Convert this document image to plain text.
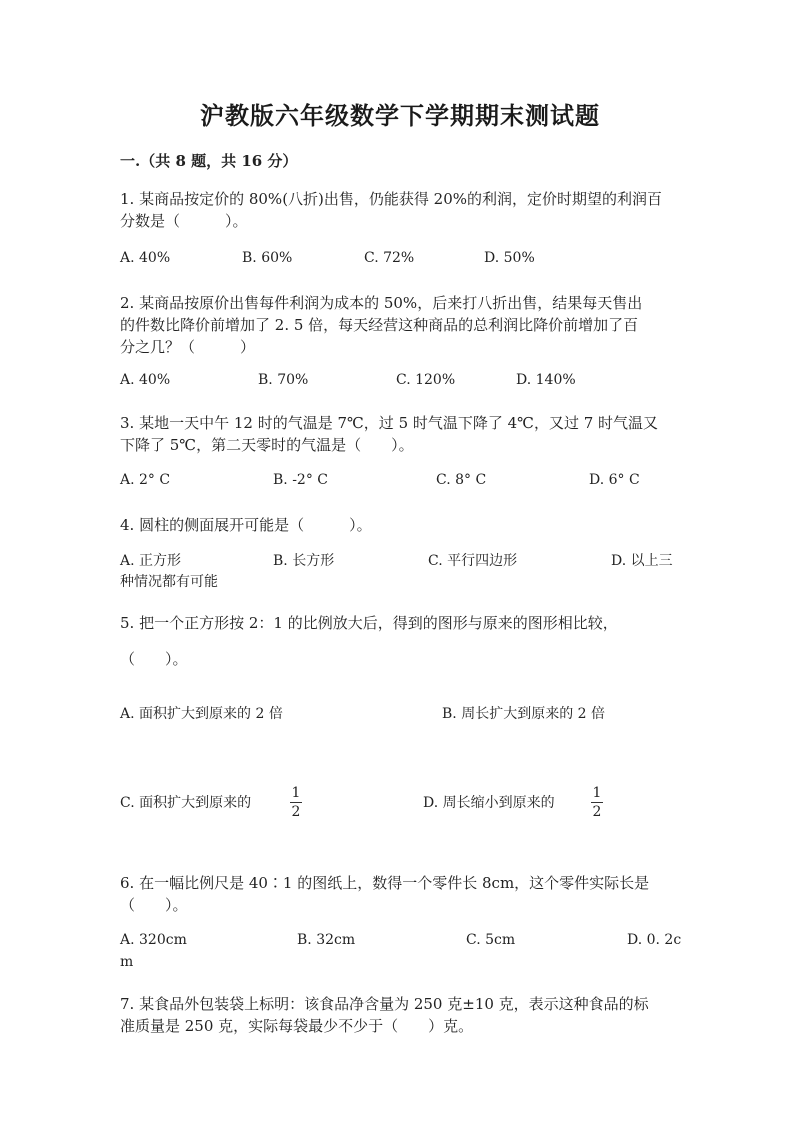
沪教版六年级数学下学期期末测试题
一.（共 8 题，共 16 分）
1. 某商品按定价的 80%(八折)出售，仍能获得 20%的利润，定价时期望的利润百
分数是（　　　）。
A. 40%	B. 60%	C. 72%	D. 50%
2. 某商品按原价出售每件利润为成本的 50%，后来打八折出售，结果每天售出
的件数比降价前增加了 2. 5 倍，每天经营这种商品的总利润比降价前增加了百
分之几？（　　　）
A. 40%	B. 70%	C. 120%	D. 140%
3. 某地一天中午 12 时的气温是 7℃，过 5 时气温下降了 4℃，又过 7 时气温又
下降了 5℃，第二天零时的气温是（　　）。
A. 2° C	B. -2° C	C. 8° C	D. 6° C
4. 圆柱的侧面展开可能是（　　　）。
A. 正方形	B. 长方形	C. 平行四边形	D. 以上三
种情况都有可能
5. 把一个正方形按 2：1 的比例放大后，得到的图形与原来的图形相比较，
（　　）。
A. 面积扩大到原来的 2 倍	B. 周长扩大到原来的 2 倍
C. 面积扩大到原来的
1
2
D. 周长缩小到原来的
1
2
6. 在一幅比例尺是 40∶1 的图纸上，数得一个零件长 8cm，这个零件实际长是
（　　）。
A. 320cm	B. 32cm	C. 5cm	D. 0. 2c
m
7. 某食品外包装袋上标明：该食品净含量为 250 克±10 克，表示这种食品的标
准质量是 250 克，实际每袋最少不少于（　　）克。
